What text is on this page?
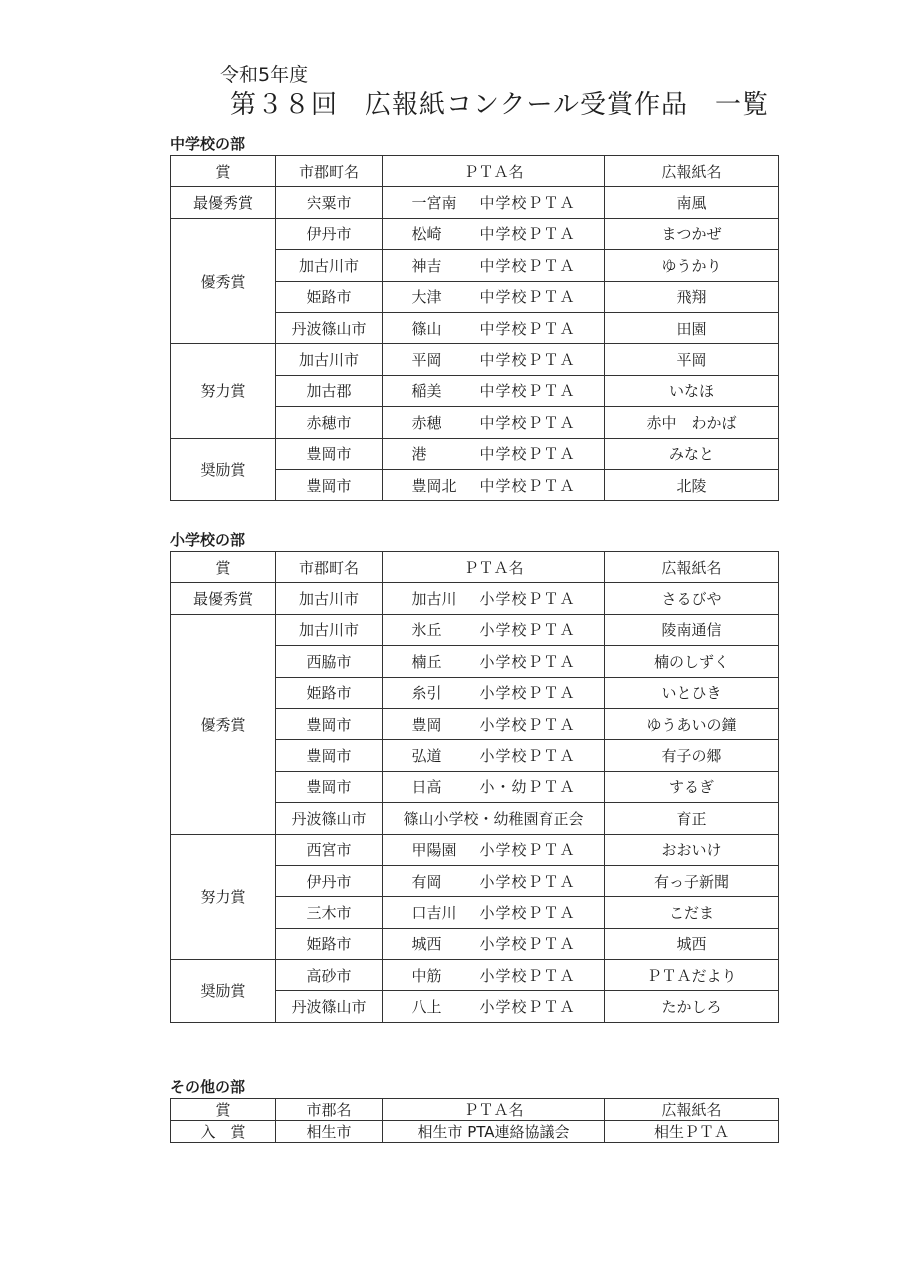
令和5年度
第３８回　広報紙コンクール受賞作品　一覧
中学校の部
賞	市郡町名	ＰＴＡ名	広報紙名
最優秀賞	宍粟市	一宮南 中学校ＰＴＡ	南風
優秀賞	伊丹市	松崎 中学校ＰＴＡ	まつかぜ
	加古川市	神吉 中学校ＰＴＡ	ゆうかり
	姫路市	大津 中学校ＰＴＡ	飛翔
	丹波篠山市	篠山 中学校ＰＴＡ	田園
努力賞	加古川市	平岡 中学校ＰＴＡ	平岡
	加古郡	稲美 中学校ＰＴＡ	いなほ
	赤穂市	赤穂 中学校ＰＴＡ	赤中　わかば
奨励賞	豊岡市	港 中学校ＰＴＡ	みなと
	豊岡市	豊岡北 中学校ＰＴＡ	北陵
小学校の部
賞	市郡町名	ＰＴＡ名	広報紙名
最優秀賞	加古川市	加古川 小学校ＰＴＡ	さるびや
優秀賞	加古川市	氷丘 小学校ＰＴＡ	陵南通信
	西脇市	楠丘 小学校ＰＴＡ	楠のしずく
	姫路市	糸引 小学校ＰＴＡ	いとひき
	豊岡市	豊岡 小学校ＰＴＡ	ゆうあいの鐘
	豊岡市	弘道 小学校ＰＴＡ	有子の郷
	豊岡市	日高 小・幼ＰＴＡ	するぎ
	丹波篠山市	篠山小学校・幼稚園育正会	育正
努力賞	西宮市	甲陽園 小学校ＰＴＡ	おおいけ
	伊丹市	有岡 小学校ＰＴＡ	有っ子新聞
	三木市	口吉川 小学校ＰＴＡ	こだま
	姫路市	城西 小学校ＰＴＡ	城西
奨励賞	高砂市	中筋 小学校ＰＴＡ	ＰＴＡだより
	丹波篠山市	八上 小学校ＰＴＡ	たかしろ
その他の部
賞	市郡名	ＰＴＡ名	広報紙名
入　賞	相生市	相生市 PTA連絡協議会	相生ＰＴＡ
